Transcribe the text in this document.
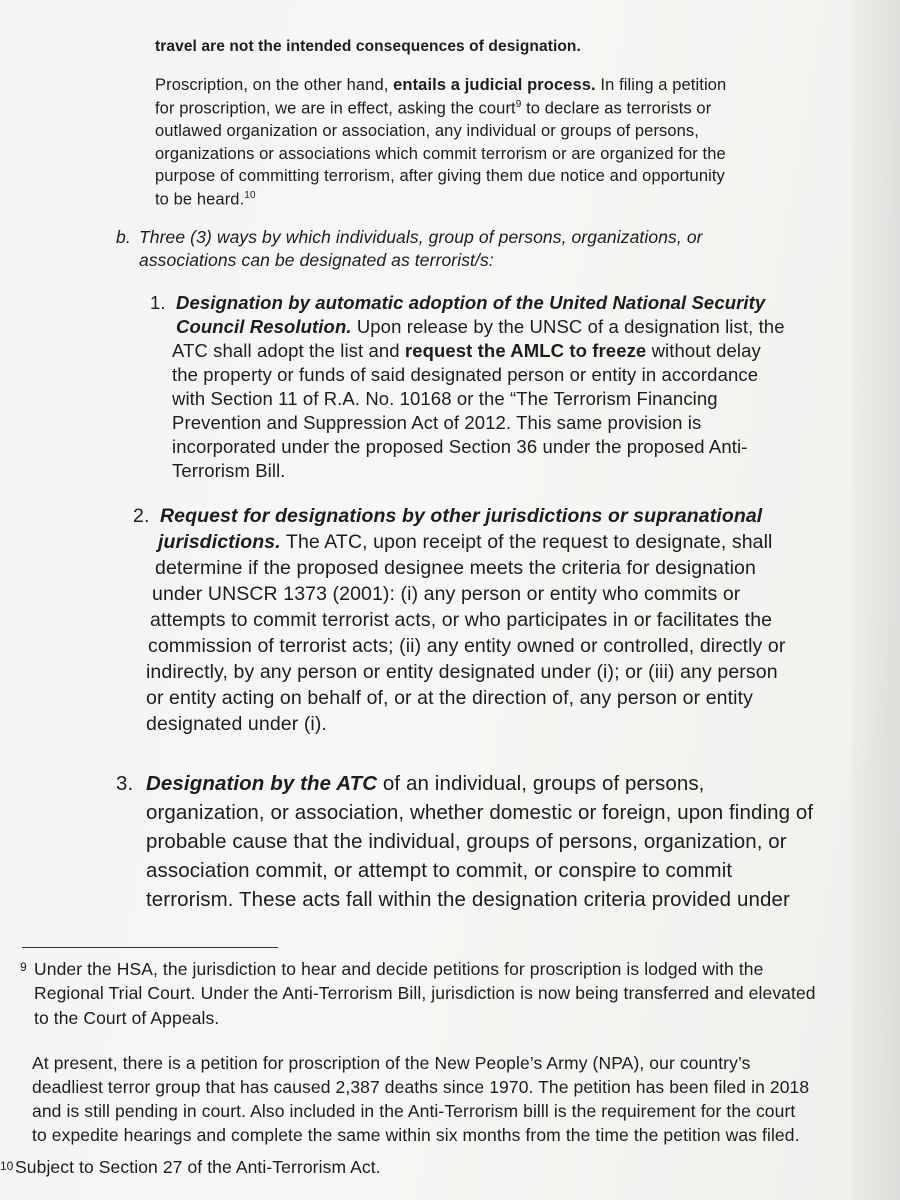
travel are not the intended consequences of designation.
Proscription, on the other hand, entails a judicial process. In filing a petition
for proscription, we are in effect, asking the court$^9$ to declare as terrorists or
outlawed organization or association, any individual or groups of persons,
organizations or associations which commit terrorism or are organized for the
purpose of committing terrorism, after giving them due notice and opportunity
to be heard.$^{10}$
b. Three (3) ways by which individuals, group of persons, organizations, or
associations can be designated as terrorist/s:
1. Designation by automatic adoption of the United National Security
Council Resolution. Upon release by the UNSC of a designation list, the
ATC shall adopt the list and request the AMLC to freeze without delay
the property or funds of said designated person or entity in accordance
with Section 11 of R.A. No. 10168 or the “The Terrorism Financing
Prevention and Suppression Act of 2012. This same provision is
incorporated under the proposed Section 36 under the proposed Anti-
Terrorism Bill.
2. Request for designations by other jurisdictions or supranational
jurisdictions. The ATC, upon receipt of the request to designate, shall
determine if the proposed designee meets the criteria for designation
under UNSCR 1373 (2001): (i) any person or entity who commits or
attempts to commit terrorist acts, or who participates in or facilitates the
commission of terrorist acts; (ii) any entity owned or controlled, directly or
indirectly, by any person or entity designated under (i); or (iii) any person
or entity acting on behalf of, or at the direction of, any person or entity
designated under (i).
3. Designation by the ATC of an individual, groups of persons,
organization, or association, whether domestic or foreign, upon finding of
probable cause that the individual, groups of persons, organization, or
association commit, or attempt to commit, or conspire to commit
terrorism. These acts fall within the designation criteria provided under
9 Under the HSA, the jurisdiction to hear and decide petitions for proscription is lodged with the
Regional Trial Court. Under the Anti-Terrorism Bill, jurisdiction is now being transferred and elevated
to the Court of Appeals.
At present, there is a petition for proscription of the New People’s Army (NPA), our country’s
deadliest terror group that has caused 2,387 deaths since 1970. The petition has been filed in 2018
and is still pending in court. Also included in the Anti-Terrorism billl is the requirement for the court
to expedite hearings and complete the same within six months from the time the petition was filed.
10 Subject to Section 27 of the Anti-Terrorism Act.
